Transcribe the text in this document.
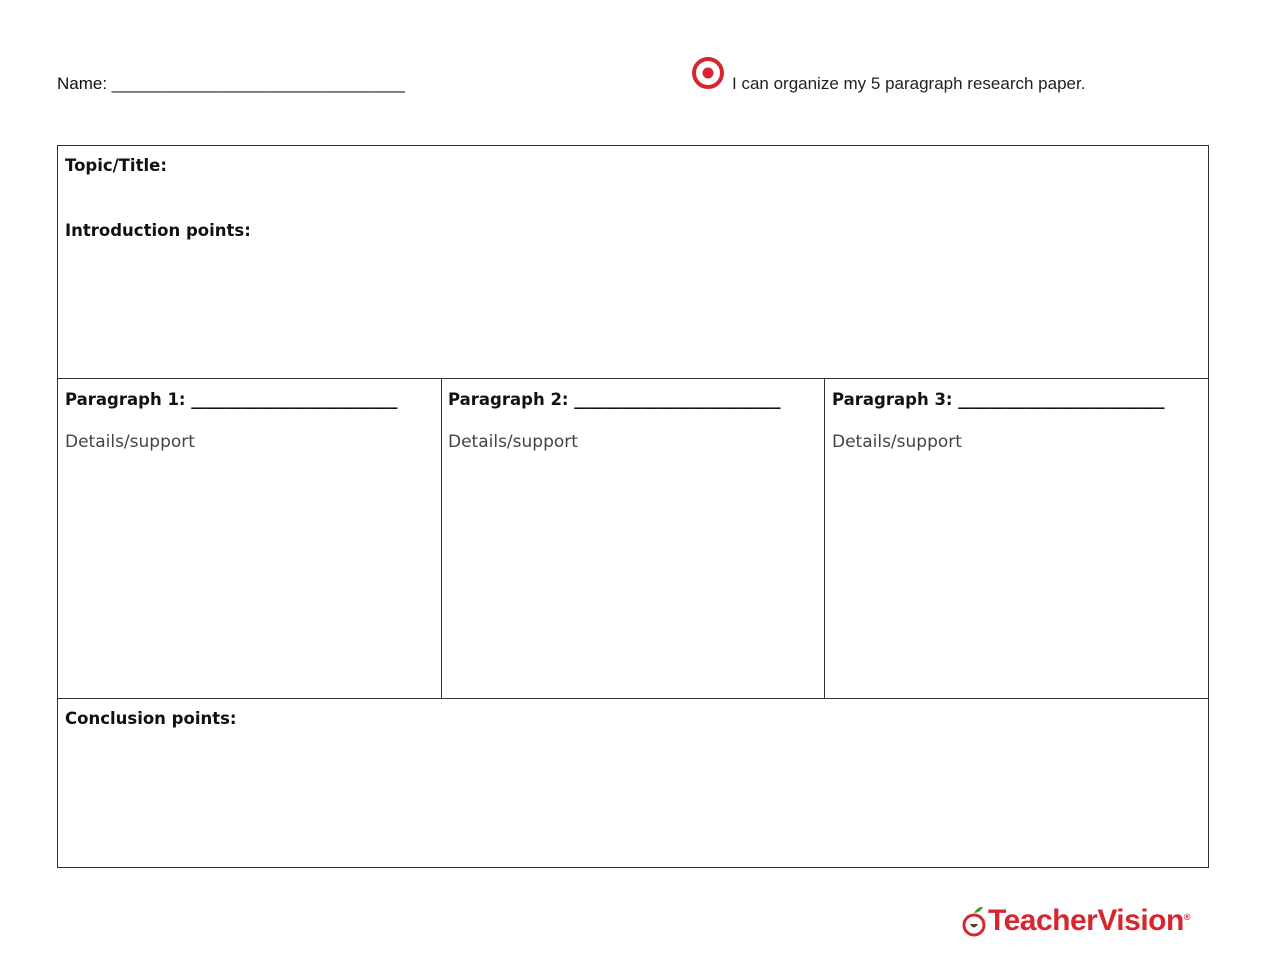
Name: _______________________________	I can organize my 5 paragraph research paper.
Topic/Title:
Introduction points:
Paragraph 1: _________________________
Details/support
Paragraph 2: _________________________
Details/support
Paragraph 3: _________________________
Details/support
Conclusion points:
TeacherVision ®
